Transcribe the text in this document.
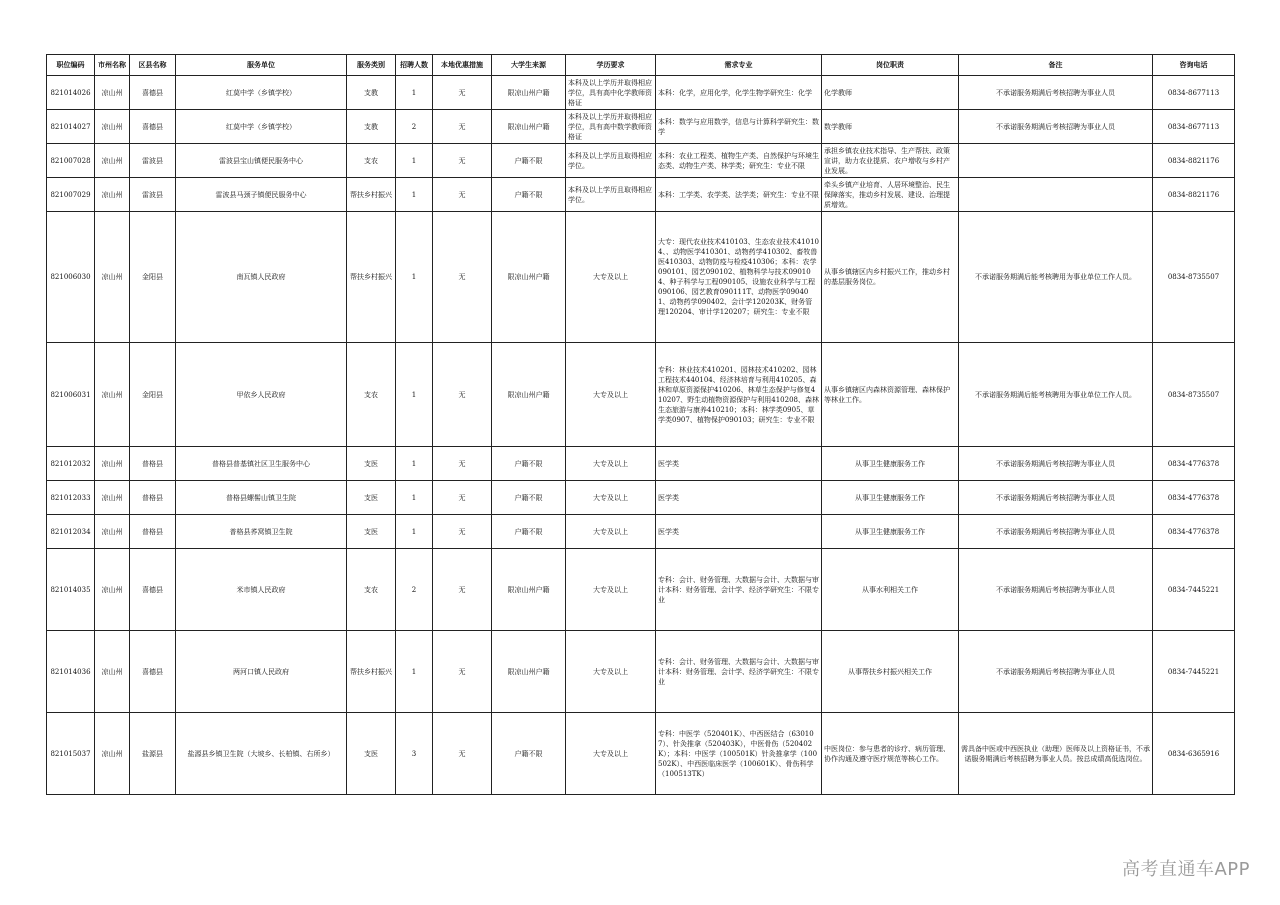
职位编码	市州名称	区县名称	服务单位	服务类别	招聘人数	本地优惠措施	大学生来源	学历要求	需求专业	岗位职责	备注	咨询电话
821014026	凉山州	喜德县	红莫中学（乡镇学校）	支教	1	无	限凉山州户籍	本科及以上学历并取得相应学位，具有高中化学教师资格证	本科：化学，应用化学，化学生物学研究生：化学	化学教师	不承诺服务期满后考核招聘为事业人员	0834-8677113
821014027	凉山州	喜德县	红莫中学（乡镇学校）	支教	2	无	限凉山州户籍	本科及以上学历并取得相应学位，具有高中数学教师资格证	本科：数学与应用数学，信息与计算科学研究生：数学	数学教师	不承诺服务期满后考核招聘为事业人员	0834-8677113
821007028	凉山州	雷波县	雷波县宝山镇便民服务中心	支农	1	无	户籍不限	本科及以上学历且取得相应学位。	本科：农业工程类、植物生产类、自然保护与环境生态类、动物生产类、林学类；研究生：专业不限	承担乡镇农业技术指导、生产帮扶、政策宣讲，助力农业提质、农户增收与乡村产业发展。		0834-8821176
821007029	凉山州	雷波县	雷波县马颈子镇便民服务中心	帮扶乡村振兴	1	无	户籍不限	本科及以上学历且取得相应学位。	本科：工学类、农学类、法学类；研究生：专业不限	牵头乡镇产业培育、人居环境整治、民生保障落实，推动乡村发展、建设、治理提质增效。		0834-8821176
821006030	凉山州	金阳县	南瓦镇人民政府	帮扶乡村振兴	1	无	限凉山州户籍	大专及以上	大专：现代农业技术410103、生态农业技术410104、、动物医学410301、动物药学410302、畜牧兽医410303、动物防疫与检疫410306；本科：农学090101、园艺090102、植物科学与技术090104、种子科学与工程090105、设施农业科学与工程090106、园艺教育090111T、动物医学090401、动物药学090402、会计学120203K、财务管理120204、审计学120207；研究生：专业不限	从事乡镇辖区内乡村振兴工作，推动乡村的基层服务岗位。	不承诺服务期满后能考核聘用为事业单位工作人员。	0834-8735507
821006031	凉山州	金阳县	甲依乡人民政府	支农	1	无	限凉山州户籍	大专及以上	专科：林业技术410201、园林技术410202、园林工程技术440104、经济林培育与利用410205、森林和草原资源保护410206、林草生态保护与修复410207、野生动植物资源保护与利用410208、森林生态旅游与康养410210；本科：林学类0905、草学类0907、植物保护090103；研究生：专业不限	从事乡镇辖区内森林资源管理、森林保护等林业工作。	不承诺服务期满后能考核聘用为事业单位工作人员。	0834-8735507
821012032	凉山州	普格县	普格县普基镇社区卫生服务中心	支医	1	无	户籍不限	大专及以上	医学类	从事卫生健康服务工作	不承诺服务期满后考核招聘为事业人员	0834-4776378
821012033	凉山州	普格县	普格县螺髻山镇卫生院	支医	1	无	户籍不限	大专及以上	医学类	从事卫生健康服务工作	不承诺服务期满后考核招聘为事业人员	0834-4776378
821012034	凉山州	普格县	普格县荞窝镇卫生院	支医	1	无	户籍不限	大专及以上	医学类	从事卫生健康服务工作	不承诺服务期满后考核招聘为事业人员	0834-4776378
821014035	凉山州	喜德县	米市镇人民政府	支农	2	无	限凉山州户籍	大专及以上	专科：会计、财务管理、大数据与会计、大数据与审计本科：财务管理、会计学、经济学研究生：不限专业	从事水利相关工作	不承诺服务期满后考核招聘为事业人员	0834-7445221
821014036	凉山州	喜德县	两河口镇人民政府	帮扶乡村振兴	1	无	限凉山州户籍	大专及以上	专科：会计、财务管理、大数据与会计、大数据与审计本科：财务管理、会计学、经济学研究生：不限专业	从事帮扶乡村振兴相关工作	不承诺服务期满后考核招聘为事业人员	0834-7445221
821015037	凉山州	盐源县	盐源县乡镇卫生院（大坡乡、长柏镇、右所乡）	支医	3	无	户籍不限	大专及以上	专科：中医学（520401K）、中西医结合（630107）、针灸推拿（520403K），中医骨伤（520402K）；本科：中医学（100501K）针灸推拿学（100502K）、中西医临床医学（100601K）、骨伤科学（100513TK）	中医岗位：参与患者的诊疗、病历管理、协作沟通及遵守医疗规范等核心工作。	需具备中医或中西医执业（助理）医师及以上资格证书，不承诺服务期满后考核招聘为事业人员。按总成绩高低选岗位。	0834-6365916
高考直通车APP
